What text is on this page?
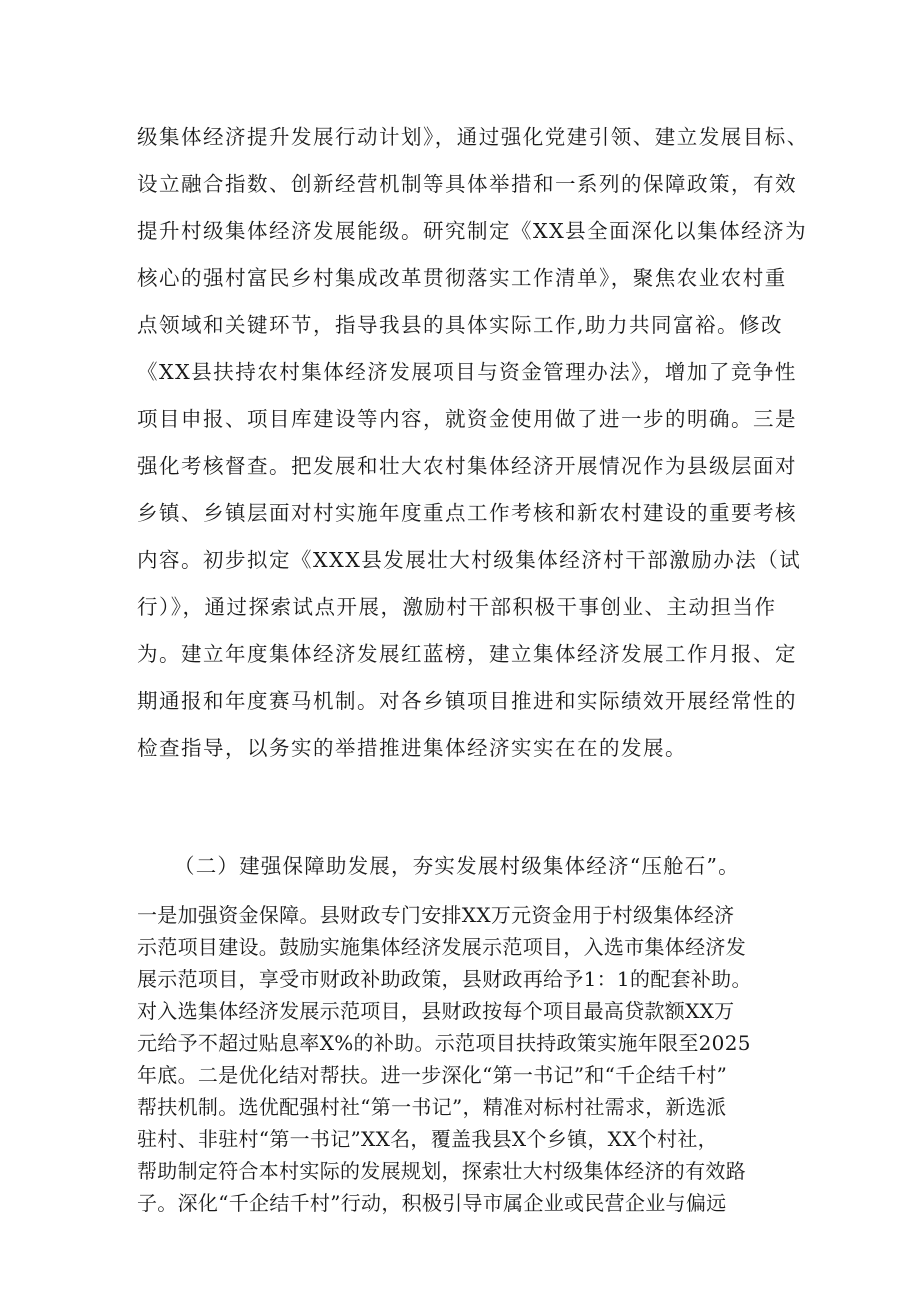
级集体经济提升发展行动计划》，通过强化党建引领、建立发展目标、
设立融合指数、创新经营机制等具体举措和一系列的保障政策，有效
提升村级集体经济发展能级。研究制定《XX县全面深化以集体经济为
核心的强村富民乡村集成改革贯彻落实工作清单》，聚焦农业农村重
点领域和关键环节，指导我县的具体实际工作,助力共同富裕。修改
《XX县扶持农村集体经济发展项目与资金管理办法》，增加了竞争性
项目申报、项目库建设等内容，就资金使用做了进一步的明确。三是
强化考核督查。把发展和壮大农村集体经济开展情况作为县级层面对
乡镇、乡镇层面对村实施年度重点工作考核和新农村建设的重要考核
内容。初步拟定《XXX县发展壮大村级集体经济村干部激励办法（试
行）》，通过探索试点开展，激励村干部积极干事创业、主动担当作
为。建立年度集体经济发展红蓝榜，建立集体经济发展工作月报、定
期通报和年度赛马机制。对各乡镇项目推进和实际绩效开展经常性的
检查指导，以务实的举措推进集体经济实实在在的发展。
（二）建强保障助发展，夯实发展村级集体经济“压舱石”。
一是加强资金保障。县财政专门安排XX万元资金用于村级集体经济
示范项目建设。鼓励实施集体经济发展示范项目，入选市集体经济发
展示范项目，享受市财政补助政策，县财政再给予1：1的配套补助。
对入选集体经济发展示范项目，县财政按每个项目最高贷款额XX万
元给予不超过贴息率X%的补助。示范项目扶持政策实施年限至2025
年底。二是优化结对帮扶。进一步深化“第一书记”和“千企结千村”
帮扶机制。选优配强村社“第一书记”，精准对标村社需求，新选派
驻村、非驻村“第一书记”XX名，覆盖我县X个乡镇，XX个村社，
帮助制定符合本村实际的发展规划，探索壮大村级集体经济的有效路
子。深化“千企结千村”行动，积极引导市属企业或民营企业与偏远
